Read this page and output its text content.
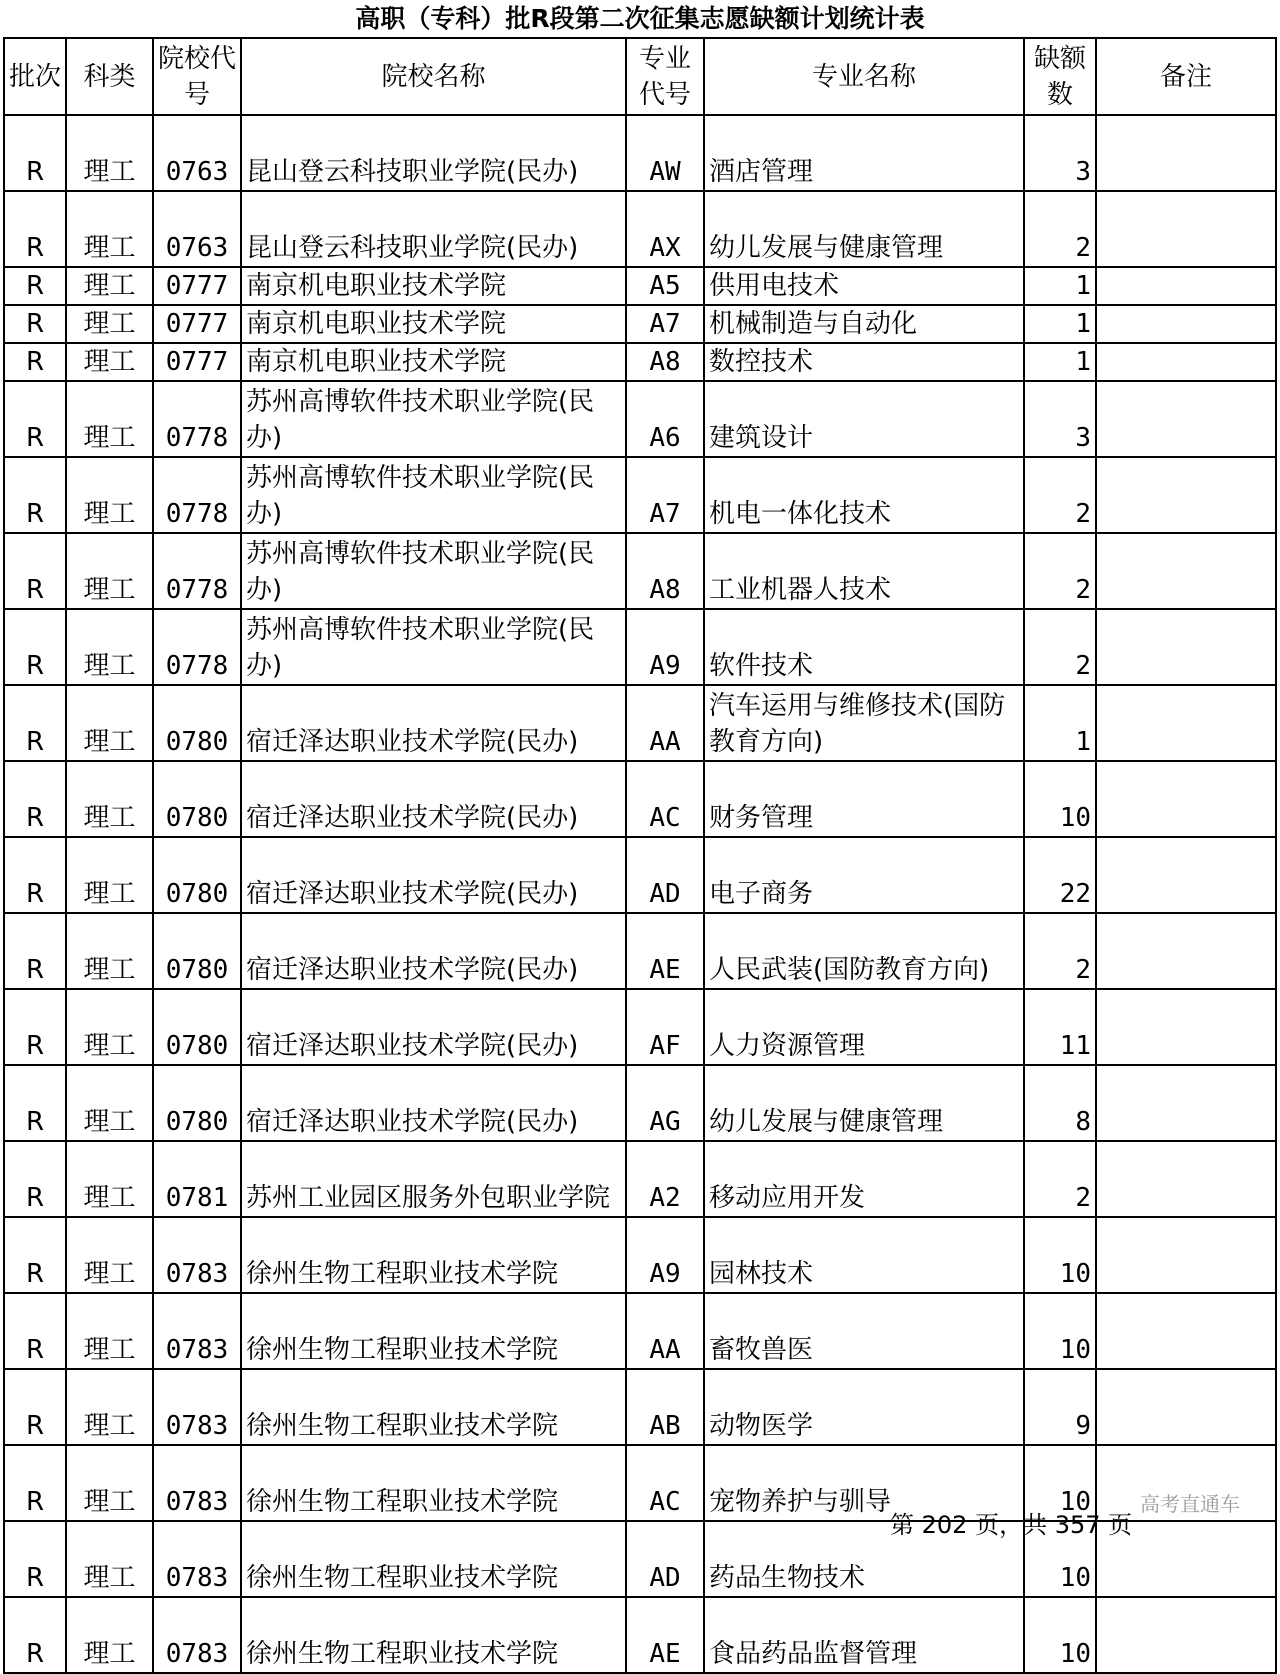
高职（专科）批R段第二次征集志愿缺额计划统计表
批次	科类	院校代号	院校名称	专业代号	专业名称	缺额数	备注
R	理工	0763	昆山登云科技职业学院(民办)	AW	酒店管理	3	
R	理工	0763	昆山登云科技职业学院(民办)	AX	幼儿发展与健康管理	2	
R	理工	0777	南京机电职业技术学院	A5	供用电技术	1	
R	理工	0777	南京机电职业技术学院	A7	机械制造与自动化	1	
R	理工	0777	南京机电职业技术学院	A8	数控技术	1	
R	理工	0778	苏州高博软件技术职业学院(民办)	A6	建筑设计	3	
R	理工	0778	苏州高博软件技术职业学院(民办)	A7	机电一体化技术	2	
R	理工	0778	苏州高博软件技术职业学院(民办)	A8	工业机器人技术	2	
R	理工	0778	苏州高博软件技术职业学院(民办)	A9	软件技术	2	
R	理工	0780	宿迁泽达职业技术学院(民办)	AA	汽车运用与维修技术(国防教育方向)	1	
R	理工	0780	宿迁泽达职业技术学院(民办)	AC	财务管理	10	
R	理工	0780	宿迁泽达职业技术学院(民办)	AD	电子商务	22	
R	理工	0780	宿迁泽达职业技术学院(民办)	AE	人民武装(国防教育方向)	2	
R	理工	0780	宿迁泽达职业技术学院(民办)	AF	人力资源管理	11	
R	理工	0780	宿迁泽达职业技术学院(民办)	AG	幼儿发展与健康管理	8	
R	理工	0781	苏州工业园区服务外包职业学院	A2	移动应用开发	2	
R	理工	0783	徐州生物工程职业技术学院	A9	园林技术	10	
R	理工	0783	徐州生物工程职业技术学院	AA	畜牧兽医	10	
R	理工	0783	徐州生物工程职业技术学院	AB	动物医学	9	
R	理工	0783	徐州生物工程职业技术学院	AC	宠物养护与驯导	10	
R	理工	0783	徐州生物工程职业技术学院	AD	药品生物技术	10	
R	理工	0783	徐州生物工程职业技术学院	AE	食品药品监督管理	10	
第 202 页，共 357 页
高考直通车
